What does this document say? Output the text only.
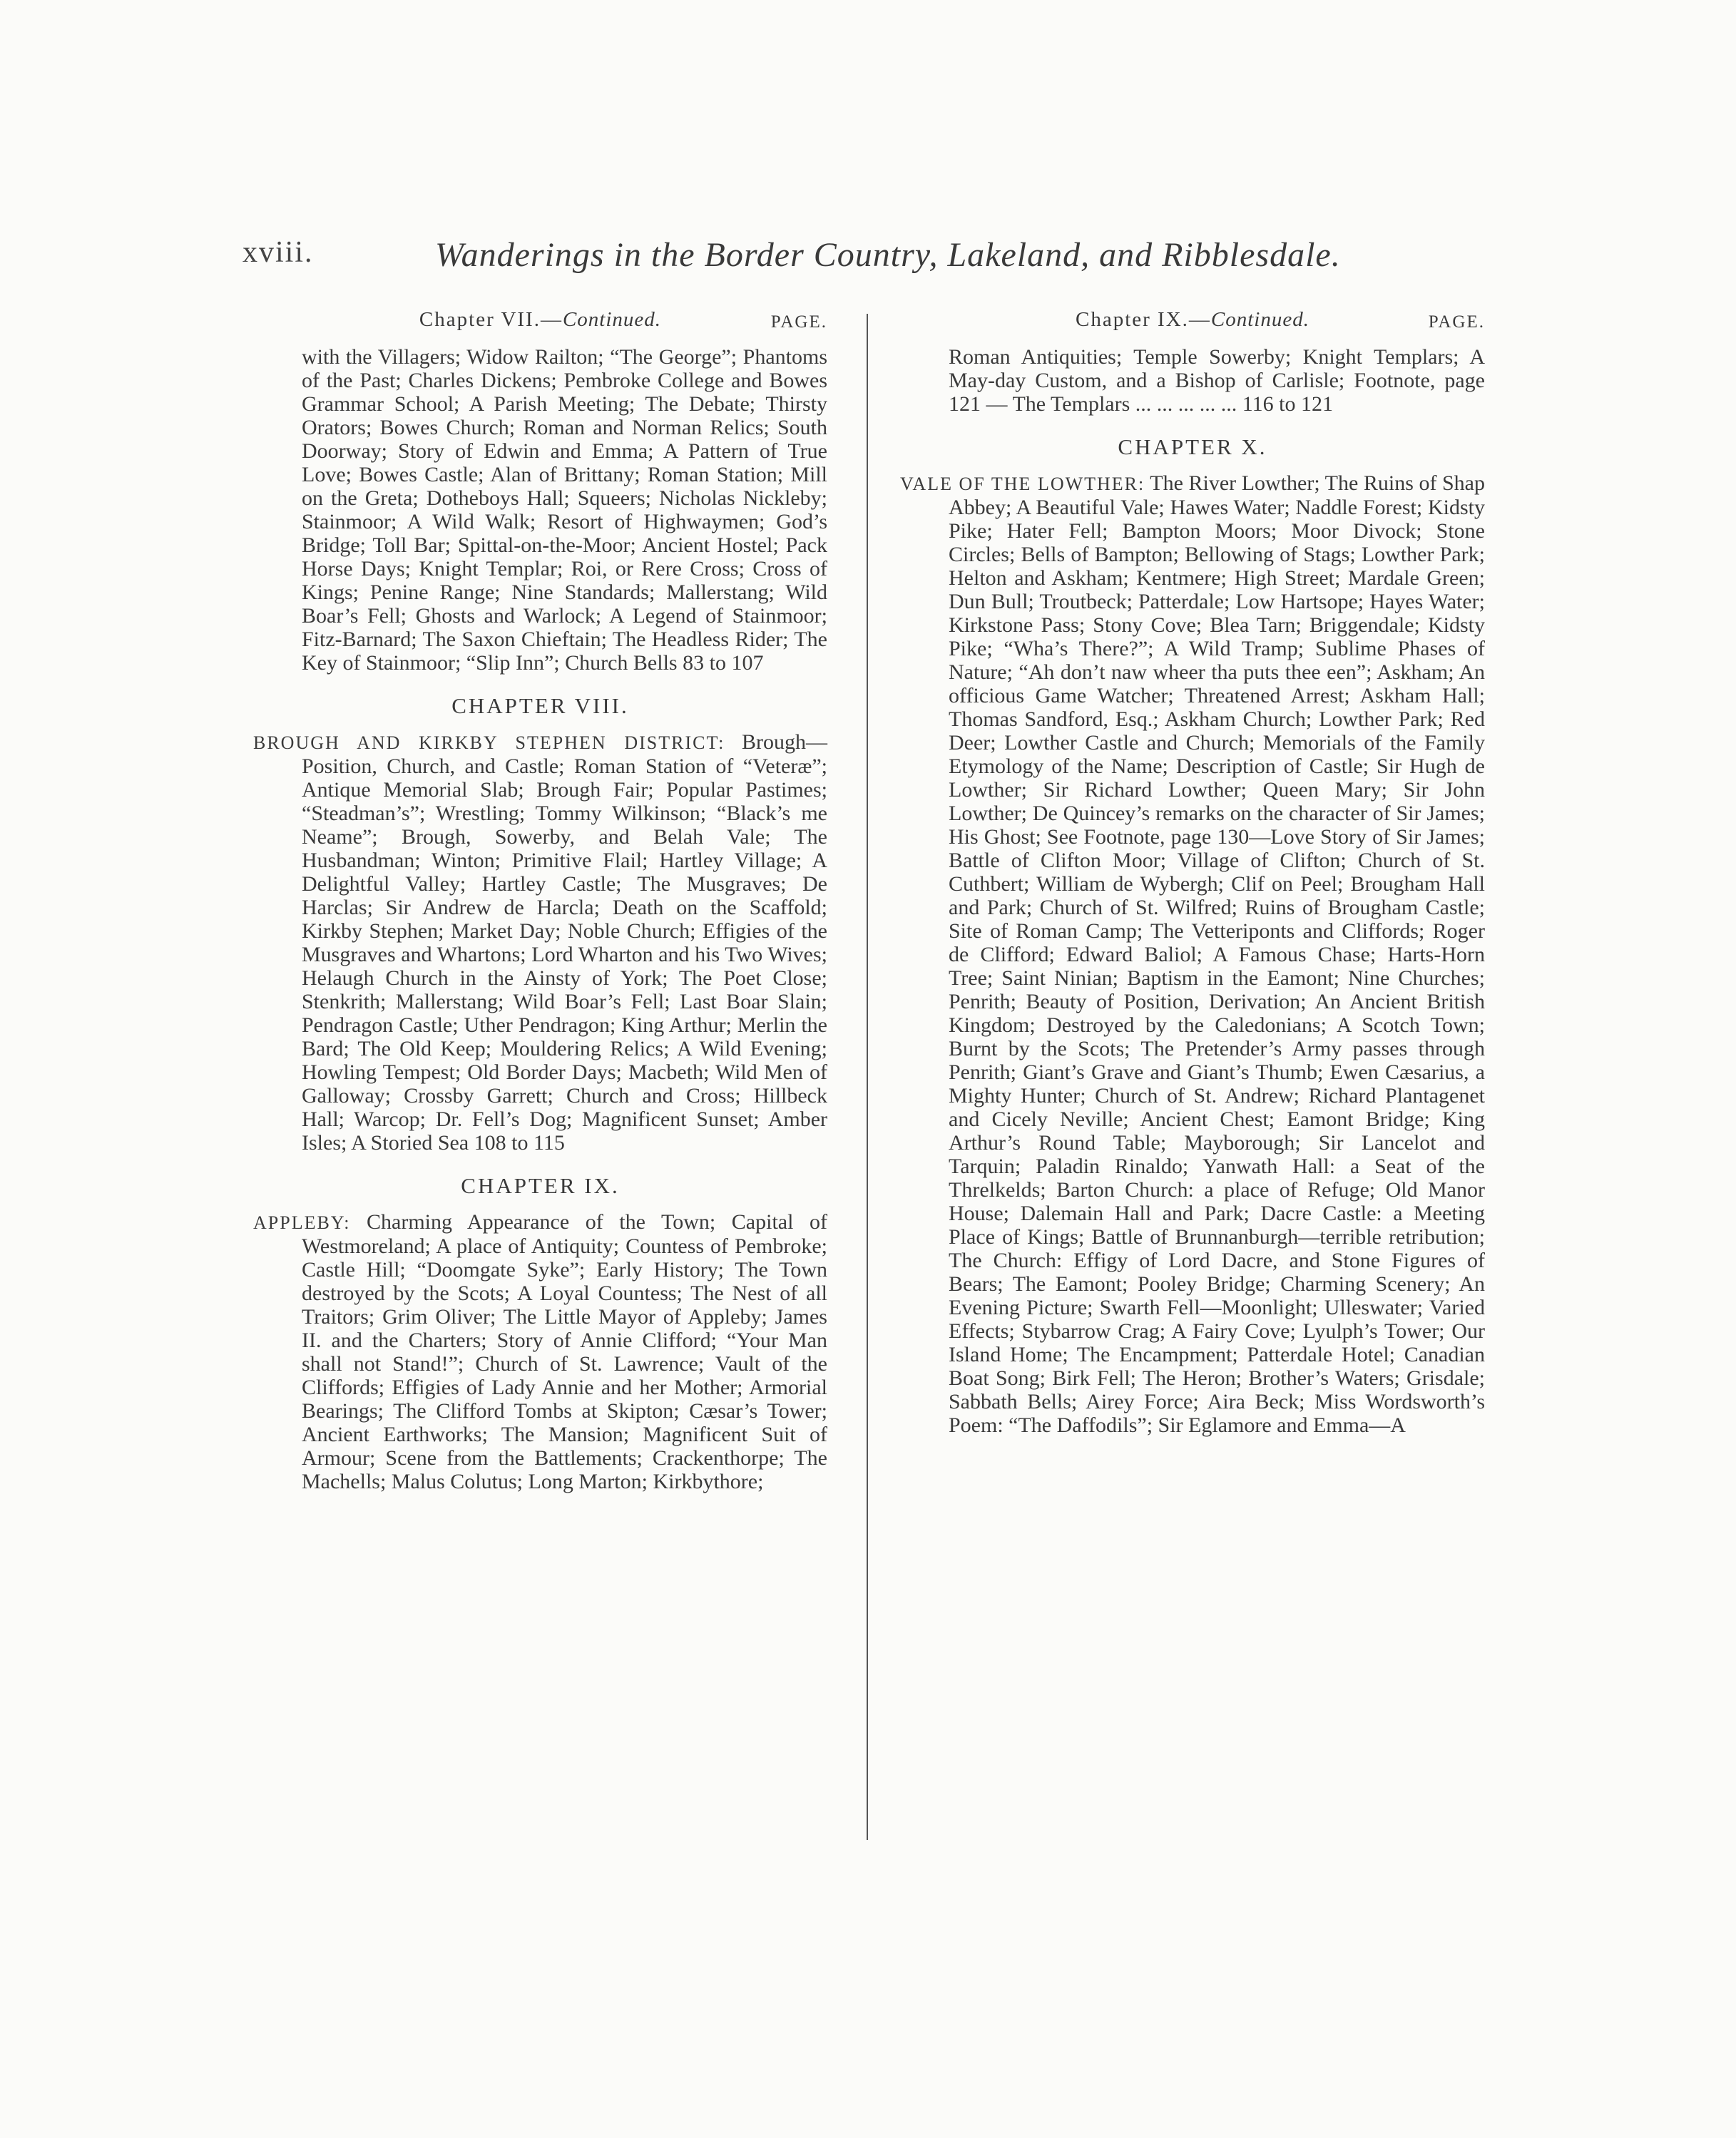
xviii.	Wanderings in the Border Country, Lakeland, and Ribblesdale.
Chapter VII.—Continued.	PAGE.

with the Villagers; Widow Railton; “The George”; Phantoms of the Past; Charles Dickens; Pembroke College and Bowes Grammar School; A Parish Meeting; The Debate; Thirsty Orators; Bowes Church; Roman and Norman Relics; South Doorway; Story of Edwin and Emma; A Pattern of True Love; Bowes Castle; Alan of Brittany; Roman Station; Mill on the Greta; Dotheboys Hall; Squeers; Nicholas Nickleby; Stainmoor; A Wild Walk; Resort of Highwaymen; God’s Bridge; Toll Bar; Spittal-on-the-Moor; Ancient Hostel; Pack Horse Days; Knight Templar; Roi, or Rere Cross; Cross of Kings; Penine Range; Nine Standards; Mallerstang; Wild Boar’s Fell; Ghosts and Warlock; A Legend of Stainmoor; Fitz-Barnard; The Saxon Chieftain; The Headless Rider; The Key of Stainmoor; “Slip Inn”; Church Bells 83 to 107

CHAPTER VIII.

BROUGH AND KIRKBY STEPHEN DISTRICT: Brough—Position, Church, and Castle; Roman Station of “Veteræ”; Antique Memorial Slab; Brough Fair; Popular Pastimes; “Steadman’s”; Wrestling; Tommy Wilkinson; “Black’s me Neame”; Brough, Sowerby, and Belah Vale; The Husbandman; Winton; Primitive Flail; Hartley Village; A Delightful Valley; Hartley Castle; The Musgraves; De Harclas; Sir Andrew de Harcla; Death on the Scaffold; Kirkby Stephen; Market Day; Noble Church; Effigies of the Musgraves and Whartons; Lord Wharton and his Two Wives; Helaugh Church in the Ainsty of York; The Poet Close; Stenkrith; Mallerstang; Wild Boar’s Fell; Last Boar Slain; Pendragon Castle; Uther Pendragon; King Arthur; Merlin the Bard; The Old Keep; Mouldering Relics; A Wild Evening; Howling Tempest; Old Border Days; Macbeth; Wild Men of Galloway; Crossby Garrett; Church and Cross; Hillbeck Hall; Warcop; Dr. Fell’s Dog; Magnificent Sunset; Amber Isles; A Storied Sea 108 to 115

CHAPTER IX.

APPLEBY: Charming Appearance of the Town; Capital of Westmoreland; A place of Antiquity; Countess of Pembroke; Castle Hill; “Doomgate Syke”; Early History; The Town destroyed by the Scots; A Loyal Countess; The Nest of all Traitors; Grim Oliver; The Little Mayor of Appleby; James II. and the Charters; Story of Annie Clifford; “Your Man shall not Stand!”; Church of St. Lawrence; Vault of the Cliffords; Effigies of Lady Annie and her Mother; Armorial Bearings; The Clifford Tombs at Skipton; Cæsar’s Tower; Ancient Earthworks; The Mansion; Magnificent Suit of Armour; Scene from the Battlements; Crackenthorpe; The Machells; Malus Colutus; Long Marton; Kirkbythore;

Chapter IX.—Continued.	PAGE.

Roman Antiquities; Temple Sowerby; Knight Templars; A May-day Custom, and a Bishop of Carlisle; Footnote, page 121 — The Templars ... ... ... ... ... 116 to 121

CHAPTER X.

VALE OF THE LOWTHER: The River Lowther; The Ruins of Shap Abbey; A Beautiful Vale; Hawes Water; Naddle Forest; Kidsty Pike; Hater Fell; Bampton Moors; Moor Divock; Stone Circles; Bells of Bampton; Bellowing of Stags; Lowther Park; Helton and Askham; Kentmere; High Street; Mardale Green; Dun Bull; Troutbeck; Patterdale; Low Hartsope; Hayes Water; Kirkstone Pass; Stony Cove; Blea Tarn; Briggendale; Kidsty Pike; “Wha’s There?”; A Wild Tramp; Sublime Phases of Nature; “Ah don’t naw wheer tha puts thee een”; Askham; An officious Game Watcher; Threatened Arrest; Askham Hall; Thomas Sandford, Esq.; Askham Church; Lowther Park; Red Deer; Lowther Castle and Church; Memorials of the Family Etymology of the Name; Description of Castle; Sir Hugh de Lowther; Sir Richard Lowther; Queen Mary; Sir John Lowther; De Quincey’s remarks on the character of Sir James; His Ghost; See Footnote, page 130—Love Story of Sir James; Battle of Clifton Moor; Village of Clifton; Church of St. Cuthbert; William de Wybergh; Clif on Peel; Brougham Hall and Park; Church of St. Wilfred; Ruins of Brougham Castle; Site of Roman Camp; The Vetteriponts and Cliffords; Roger de Clifford; Edward Baliol; A Famous Chase; Harts-Horn Tree; Saint Ninian; Baptism in the Eamont; Nine Churches; Penrith; Beauty of Position, Derivation; An Ancient British Kingdom; Destroyed by the Caledonians; A Scotch Town; Burnt by the Scots; The Pretender’s Army passes through Penrith; Giant’s Grave and Giant’s Thumb; Ewen Cæsarius, a Mighty Hunter; Church of St. Andrew; Richard Plantagenet and Cicely Neville; Ancient Chest; Eamont Bridge; King Arthur’s Round Table; Mayborough; Sir Lancelot and Tarquin; Paladin Rinaldo; Yanwath Hall: a Seat of the Threlkelds; Barton Church: a place of Refuge; Old Manor House; Dalemain Hall and Park; Dacre Castle: a Meeting Place of Kings; Battle of Brunnanburgh—terrible retribution; The Church: Effigy of Lord Dacre, and Stone Figures of Bears; The Eamont; Pooley Bridge; Charming Scenery; An Evening Picture; Swarth Fell—Moonlight; Ulleswater; Varied Effects; Stybarrow Crag; A Fairy Cove; Lyulph’s Tower; Our Island Home; The Encampment; Patterdale Hotel; Canadian Boat Song; Birk Fell; The Heron; Brother’s Waters; Grisdale; Sabbath Bells; Airey Force; Aira Beck; Miss Wordsworth’s Poem: “The Daffodils”; Sir Eglamore and Emma—A
